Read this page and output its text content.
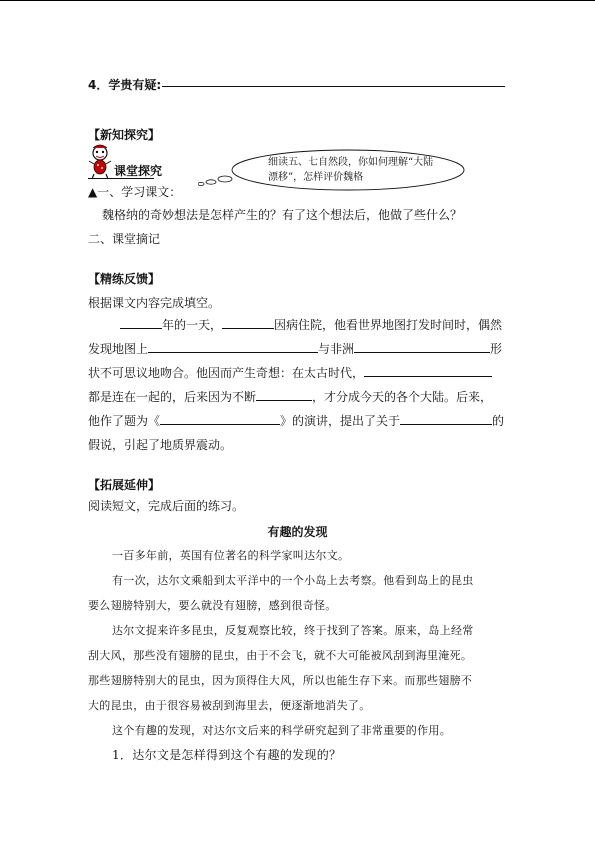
4．学贵有疑:
【新知探究】
课堂探究
细读五、七自然段，你如何理解“大陆漂移”，怎样评价魏格
▲一、学习课文：
魏格纳的奇妙想法是怎样产生的？有了这个想法后，他做了些什么？
二、课堂摘记
【精练反馈】
根据课文内容完成填空。
年的一天，	因病住院，他看世界地图打发时间时，偶然
发现地图上	与非洲	形
状不可思议地吻合。他因而产生奇想：在太古时代，
都是连在一起的，后来因为不断	，才分成今天的各个大陆。后来，
他作了题为《	》的演讲，提出了关于	的
假说，引起了地质界震动。
【拓展延伸】
阅读短文，完成后面的练习。
有趣的发现
一百多年前，英国有位著名的科学家叫达尔文。
有一次，达尔文乘船到太平洋中的一个小岛上去考察。他看到岛上的昆虫
要么翅膀特别大，要么就没有翅膀，感到很奇怪。
达尔文捉来许多昆虫，反复观察比较，终于找到了答案。原来，岛上经常
刮大风，那些没有翅膀的昆虫，由于不会飞，就不大可能被风刮到海里淹死。
那些翅膀特别大的昆虫，因为顶得住大风，所以也能生存下来。而那些翅膀不
大的昆虫，由于很容易被刮到海里去，便逐渐地消失了。
这个有趣的发现，对达尔文后来的科学研究起到了非常重要的作用。
1．达尔文是怎样得到这个有趣的发现的？
